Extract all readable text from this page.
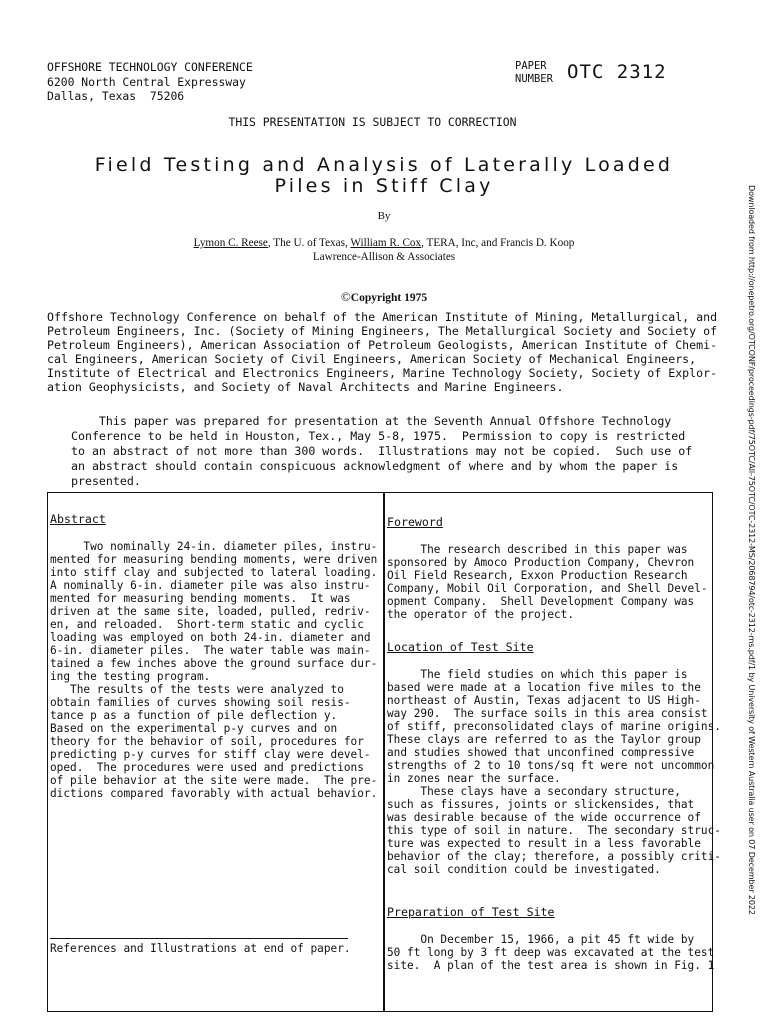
OFFSHORE TECHNOLOGY CONFERENCE
6200 North Central Expressway
Dallas, Texas  75206
PAPER
NUMBER OTC 2312
THIS PRESENTATION IS SUBJECT TO CORRECTION
Field Testing and Analysis of Laterally Loaded
Piles in Stiff Clay
By
Lymon C. Reese, The U. of Texas, William R. Cox, TERA, Inc, and Francis D. Koop
Lawrence-Allison & Associates
©Copyright 1975
Offshore Technology Conference on behalf of the American Institute of Mining, Metallurgical, and
Petroleum Engineers, Inc. (Society of Mining Engineers, The Metallurgical Society and Society of
Petroleum Engineers), American Association of Petroleum Geologists, American Institute of Chemi-
cal Engineers, American Society of Civil Engineers, American Society of Mechanical Engineers,
Institute of Electrical and Electronics Engineers, Marine Technology Society, Society of Explor-
ation Geophysicists, and Society of Naval Architects and Marine Engineers.
This paper was prepared for presentation at the Seventh Annual Offshore Technology
Conference to be held in Houston, Tex., May 5-8, 1975.  Permission to copy is restricted
to an abstract of not more than 300 words.  Illustrations may not be copied.  Such use of
an abstract should contain conspicuous acknowledgment of where and by whom the paper is
presented.
Abstract
Two nominally 24-in. diameter piles, instru-
mented for measuring bending moments, were driven
into stiff clay and subjected to lateral loading.
A nominally 6-in. diameter pile was also instru-
mented for measuring bending moments.  It was
driven at the same site, loaded, pulled, redriv-
en, and reloaded.  Short-term static and cyclic
loading was employed on both 24-in. diameter and
6-in. diameter piles.  The water table was main-
tained a few inches above the ground surface dur-
ing the testing program.
The results of the tests were analyzed to
obtain families of curves showing soil resis-
tance p as a function of pile deflection y.
Based on the experimental p-y curves and on
theory for the behavior of soil, procedures for
predicting p-y curves for stiff clay were devel-
oped.  The procedures were used and predictions
of pile behavior at the site were made.  The pre-
dictions compared favorably with actual behavior.
References and Illustrations at end of paper.
Foreword
The research described in this paper was
sponsored by Amoco Production Company, Chevron
Oil Field Research, Exxon Production Research
Company, Mobil Oil Corporation, and Shell Devel-
opment Company.  Shell Development Company was
the operator of the project.
Location of Test Site
The field studies on which this paper is
based were made at a location five miles to the
northeast of Austin, Texas adjacent to US High-
way 290.  The surface soils in this area consist
of stiff, preconsolidated clays of marine origins.
These clays are referred to as the Taylor group
and studies showed that unconfined compressive
strengths of 2 to 10 tons/sq ft were not uncommon
in zones near the surface.
These clays have a secondary structure,
such as fissures, joints or slickensides, that
was desirable because of the wide occurrence of
this type of soil in nature.  The secondary struc-
ture was expected to result in a less favorable
behavior of the clay; therefore, a possibly criti-
cal soil condition could be investigated.
Preparation of Test Site
On December 15, 1966, a pit 45 ft wide by
50 ft long by 3 ft deep was excavated at the test
site.  A plan of the test area is shown in Fig. 1
Downloaded from http://onepetro.org/OTCONF/proceedings-pdf/75OTC/All-75OTC/OTC-2312-MS/2068794/otc-2312-ms.pdf/1 by University of Western Australia user on 07 December 2022
